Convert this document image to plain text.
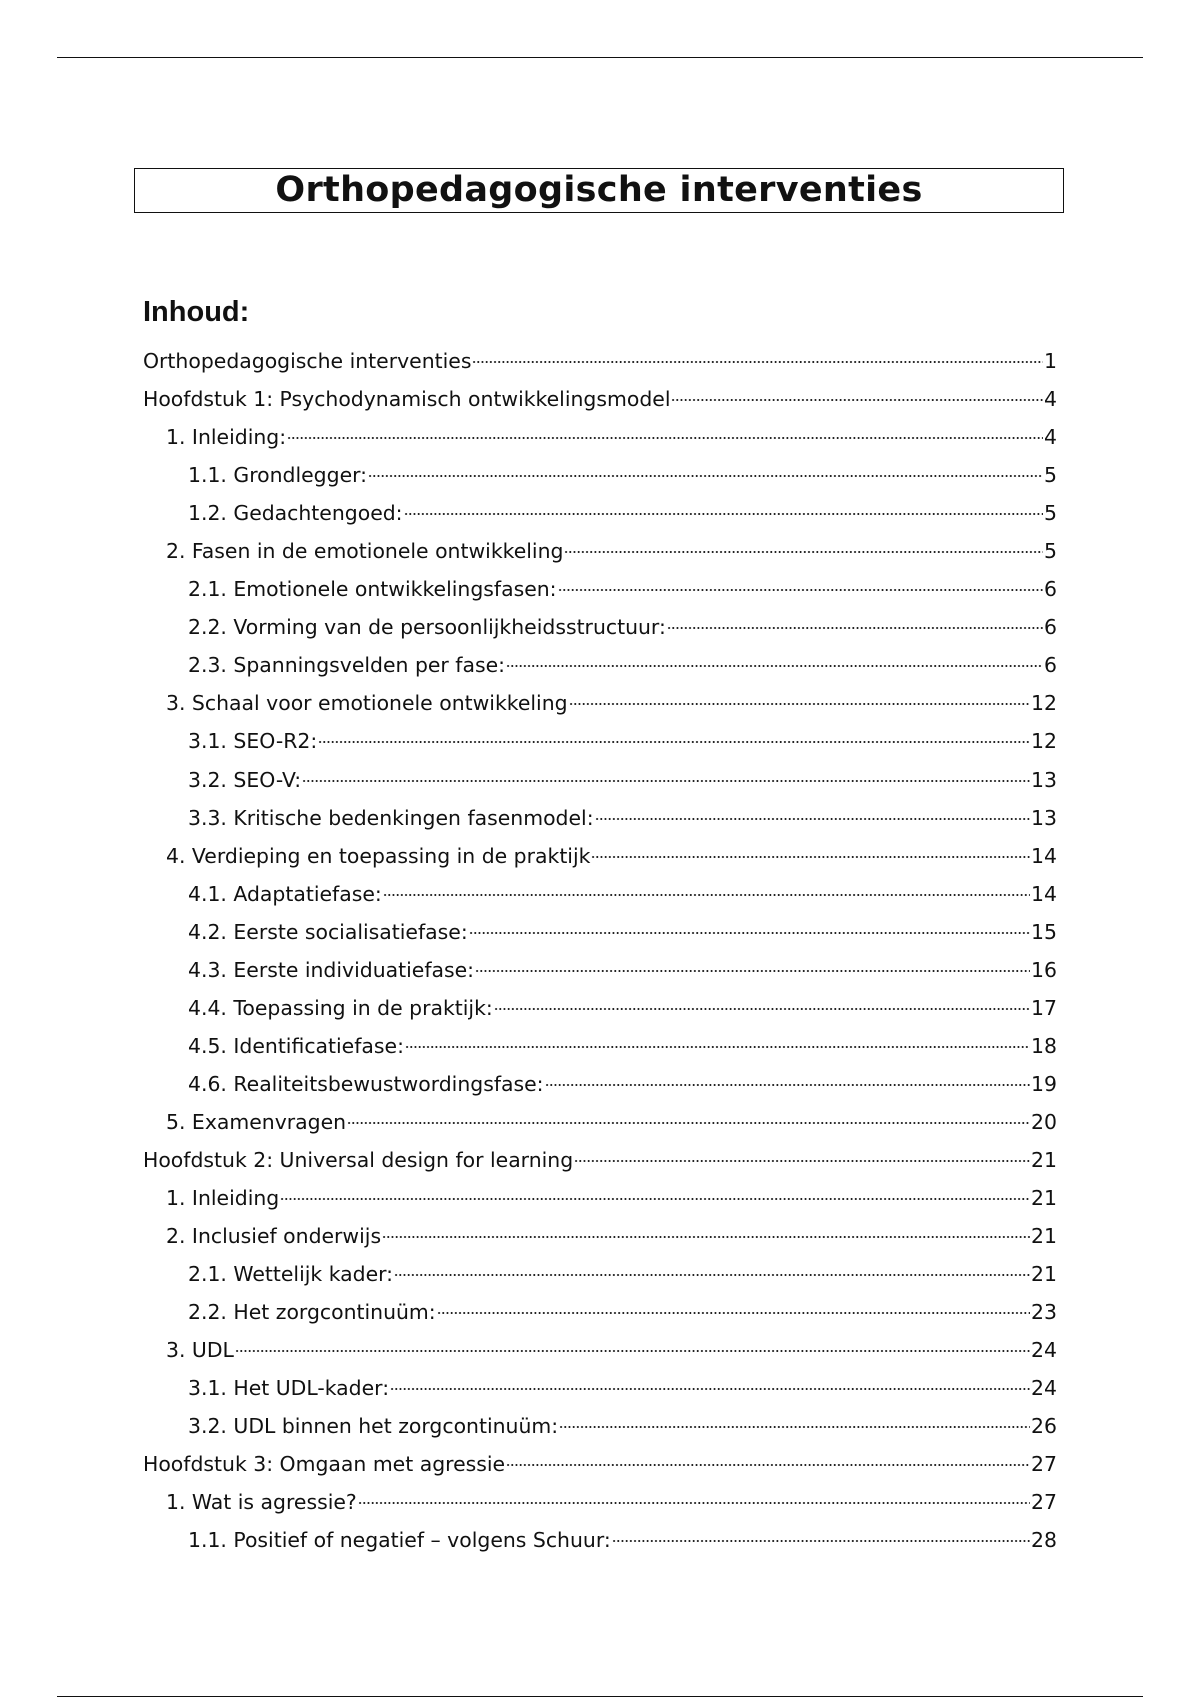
Orthopedagogische interventies
Inhoud:
Orthopedagogische interventies	1
Hoofdstuk 1: Psychodynamisch ontwikkelingsmodel	4
1. Inleiding:	4
1.1. Grondlegger:	5
1.2. Gedachtengoed:	5
2. Fasen in de emotionele ontwikkeling	5
2.1. Emotionele ontwikkelingsfasen:	6
2.2. Vorming van de persoonlijkheidsstructuur:	6
2.3. Spanningsvelden per fase:	6
3. Schaal voor emotionele ontwikkeling	12
3.1. SEO-R2:	12
3.2. SEO-V:	13
3.3. Kritische bedenkingen fasenmodel:	13
4. Verdieping en toepassing in de praktijk	14
4.1. Adaptatiefase:	14
4.2. Eerste socialisatiefase:	15
4.3. Eerste individuatiefase:	16
4.4. Toepassing in de praktijk:	17
4.5. Identificatiefase:	18
4.6. Realiteitsbewustwordingsfase:	19
5. Examenvragen	20
Hoofdstuk 2: Universal design for learning	21
1. Inleiding	21
2. Inclusief onderwijs	21
2.1. Wettelijk kader:	21
2.2. Het zorgcontinuüm:	23
3. UDL	24
3.1. Het UDL-kader:	24
3.2. UDL binnen het zorgcontinuüm:	26
Hoofdstuk 3: Omgaan met agressie	27
1. Wat is agressie?	27
1.1. Positief of negatief – volgens Schuur:	28
